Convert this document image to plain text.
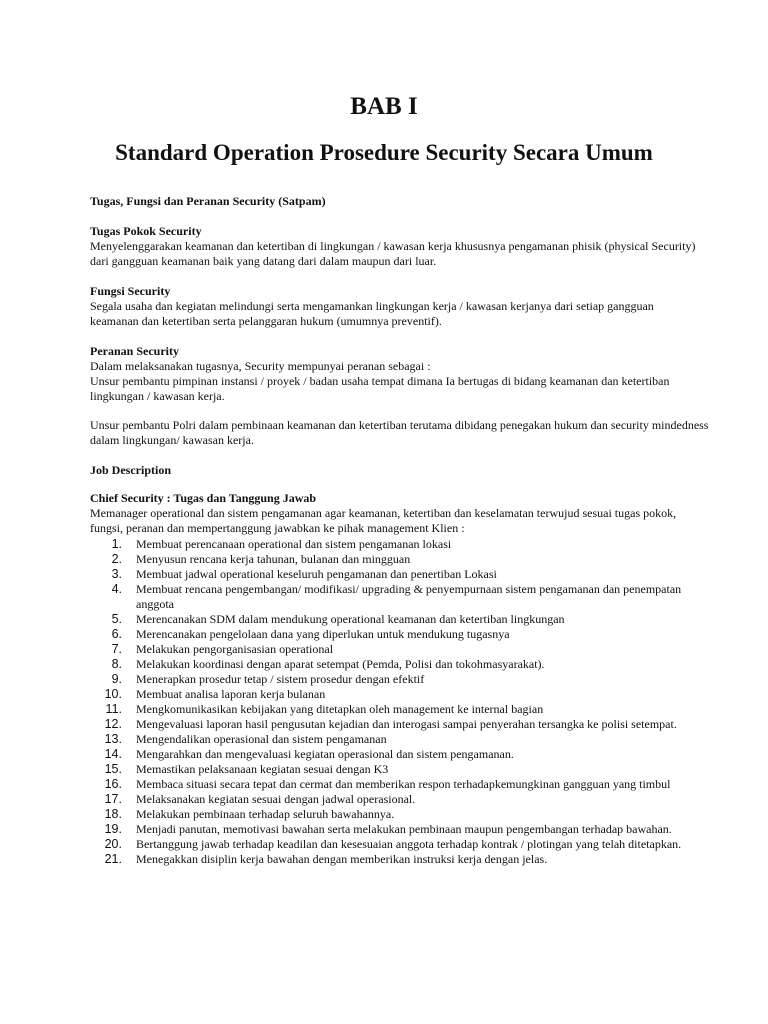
BAB I
Standard Operation Prosedure Security Secara Umum

Tugas, Fungsi dan Peranan Security (Satpam)

Tugas Pokok Security

Menyelenggarakan keamanan dan ketertiban di lingkungan / kawasan kerja khususnya pengamanan phisik (physical Security) dari gangguan keamanan baik yang datang dari dalam maupun dari luar.

Fungsi Security

Segala usaha dan kegiatan melindungi serta mengamankan lingkungan kerja / kawasan kerjanya dari setiap gangguan keamanan dan ketertiban serta pelanggaran hukum (umumnya preventif).

Peranan Security

Dalam melaksanakan tugasnya, Security mempunyai peranan sebagai :

Unsur pembantu pimpinan instansi / proyek / badan usaha tempat dimana Ia bertugas di bidang keamanan dan ketertiban lingkungan / kawasan kerja.

Unsur pembantu Polri dalam pembinaan keamanan dan ketertiban terutama dibidang penegakan hukum dan security mindedness dalam lingkungan/ kawasan kerja.

Job Description

Chief Security : Tugas dan Tanggung Jawab

Memanager operational dan sistem pengamanan agar keamanan, ketertiban dan keselamatan terwujud sesuai tugas pokok, fungsi, peranan dan mempertanggung jawabkan ke pihak management Klien :

1. Membuat perencanaan operational dan sistem pengamanan lokasi
2. Menyusun rencana kerja tahunan, bulanan dan mingguan
3. Membuat jadwal operational keseluruh pengamanan dan penertiban Lokasi
4. Membuat rencana pengembangan/ modifikasi/ upgrading & penyempurnaan sistem pengamanan dan penempatan anggota
5. Merencanakan SDM dalam mendukung operational keamanan dan ketertiban lingkungan
6. Merencanakan pengelolaan dana yang diperlukan untuk mendukung tugasnya
7. Melakukan pengorganisasian operational
8. Melakukan koordinasi dengan aparat setempat (Pemda, Polisi dan tokohmasyarakat).
9. Menerapkan prosedur tetap / sistem prosedur dengan efektif
10. Membuat analisa laporan kerja bulanan
11. Mengkomunikasikan kebijakan yang ditetapkan oleh management ke internal bagian
12. Mengevaluasi laporan hasil pengusutan kejadian dan interogasi sampai penyerahan tersangka ke polisi setempat.
13. Mengendalikan operasional dan sistem pengamanan
14. Mengarahkan dan mengevaluasi kegiatan operasional dan sistem pengamanan.
15. Memastikan pelaksanaan kegiatan sesuai dengan K3
16. Membaca situasi secara tepat dan cermat dan memberikan respon terhadapkemungkinan gangguan yang timbul
17. Melaksanakan kegiatan sesuai dengan jadwal operasional.
18. Melakukan pembinaan terhadap seluruh bawahannya.
19. Menjadi panutan, memotivasi bawahan serta melakukan pembinaan maupun pengembangan terhadap bawahan.
20. Bertanggung jawab terhadap keadilan dan kesesuaian anggota terhadap kontrak / plotingan yang telah ditetapkan.
21. Menegakkan disiplin kerja bawahan dengan memberikan instruksi kerja dengan jelas.
